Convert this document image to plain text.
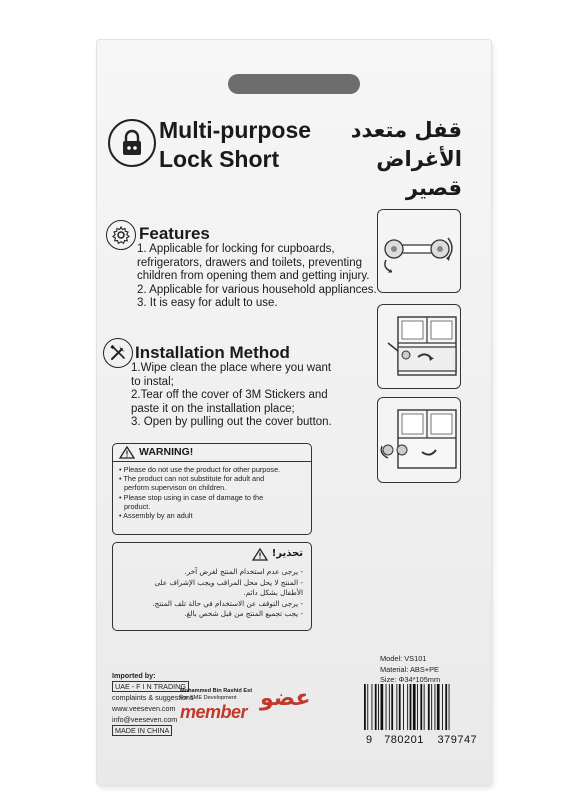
Multi-purpose
Lock Short
قفل متعدد
الأغراض قصير
Features
1. Applicable for locking for cupboards,
refrigerators, drawers and toilets, preventing
children from opening them and getting injury.
2. Applicable for various household appliances.
3. It is easy for adult to use.
Installation Method
1.Wipe clean the place where you want
to instal;
2.Tear off the cover of 3M Stickers and
paste it on the installation place;
3. Open by pulling out the cover button.
WARNING!
• Please do not use the product for other purpose.
• The product can not substitute for adult and
perform supervison on children.
• Please stop using in case of damage to the
product.
• Assembly by an adult
تحذير!
- يرجى عدم استخدام المنتج لغرض آخر.
- المنتج لا يحل محل المراقب ويجب الإشراف على
الأطفال بشكل دائم.
- يرجى التوقف عن الاستخدام في حالة تلف المنتج.
- يجب تجميع المنتج من قبل شخص بالغ.
Imported by:
UAE - F I N TRADING
complaints & suggestions
www.veeseven.com
info@veeseven.com
MADE IN CHINA
Mohammed Bin Rashid Est
For SME Development
member
عضو
Model: VS101
Material: ABS+PE
Size: Φ34*105mm
9 780201 379747
